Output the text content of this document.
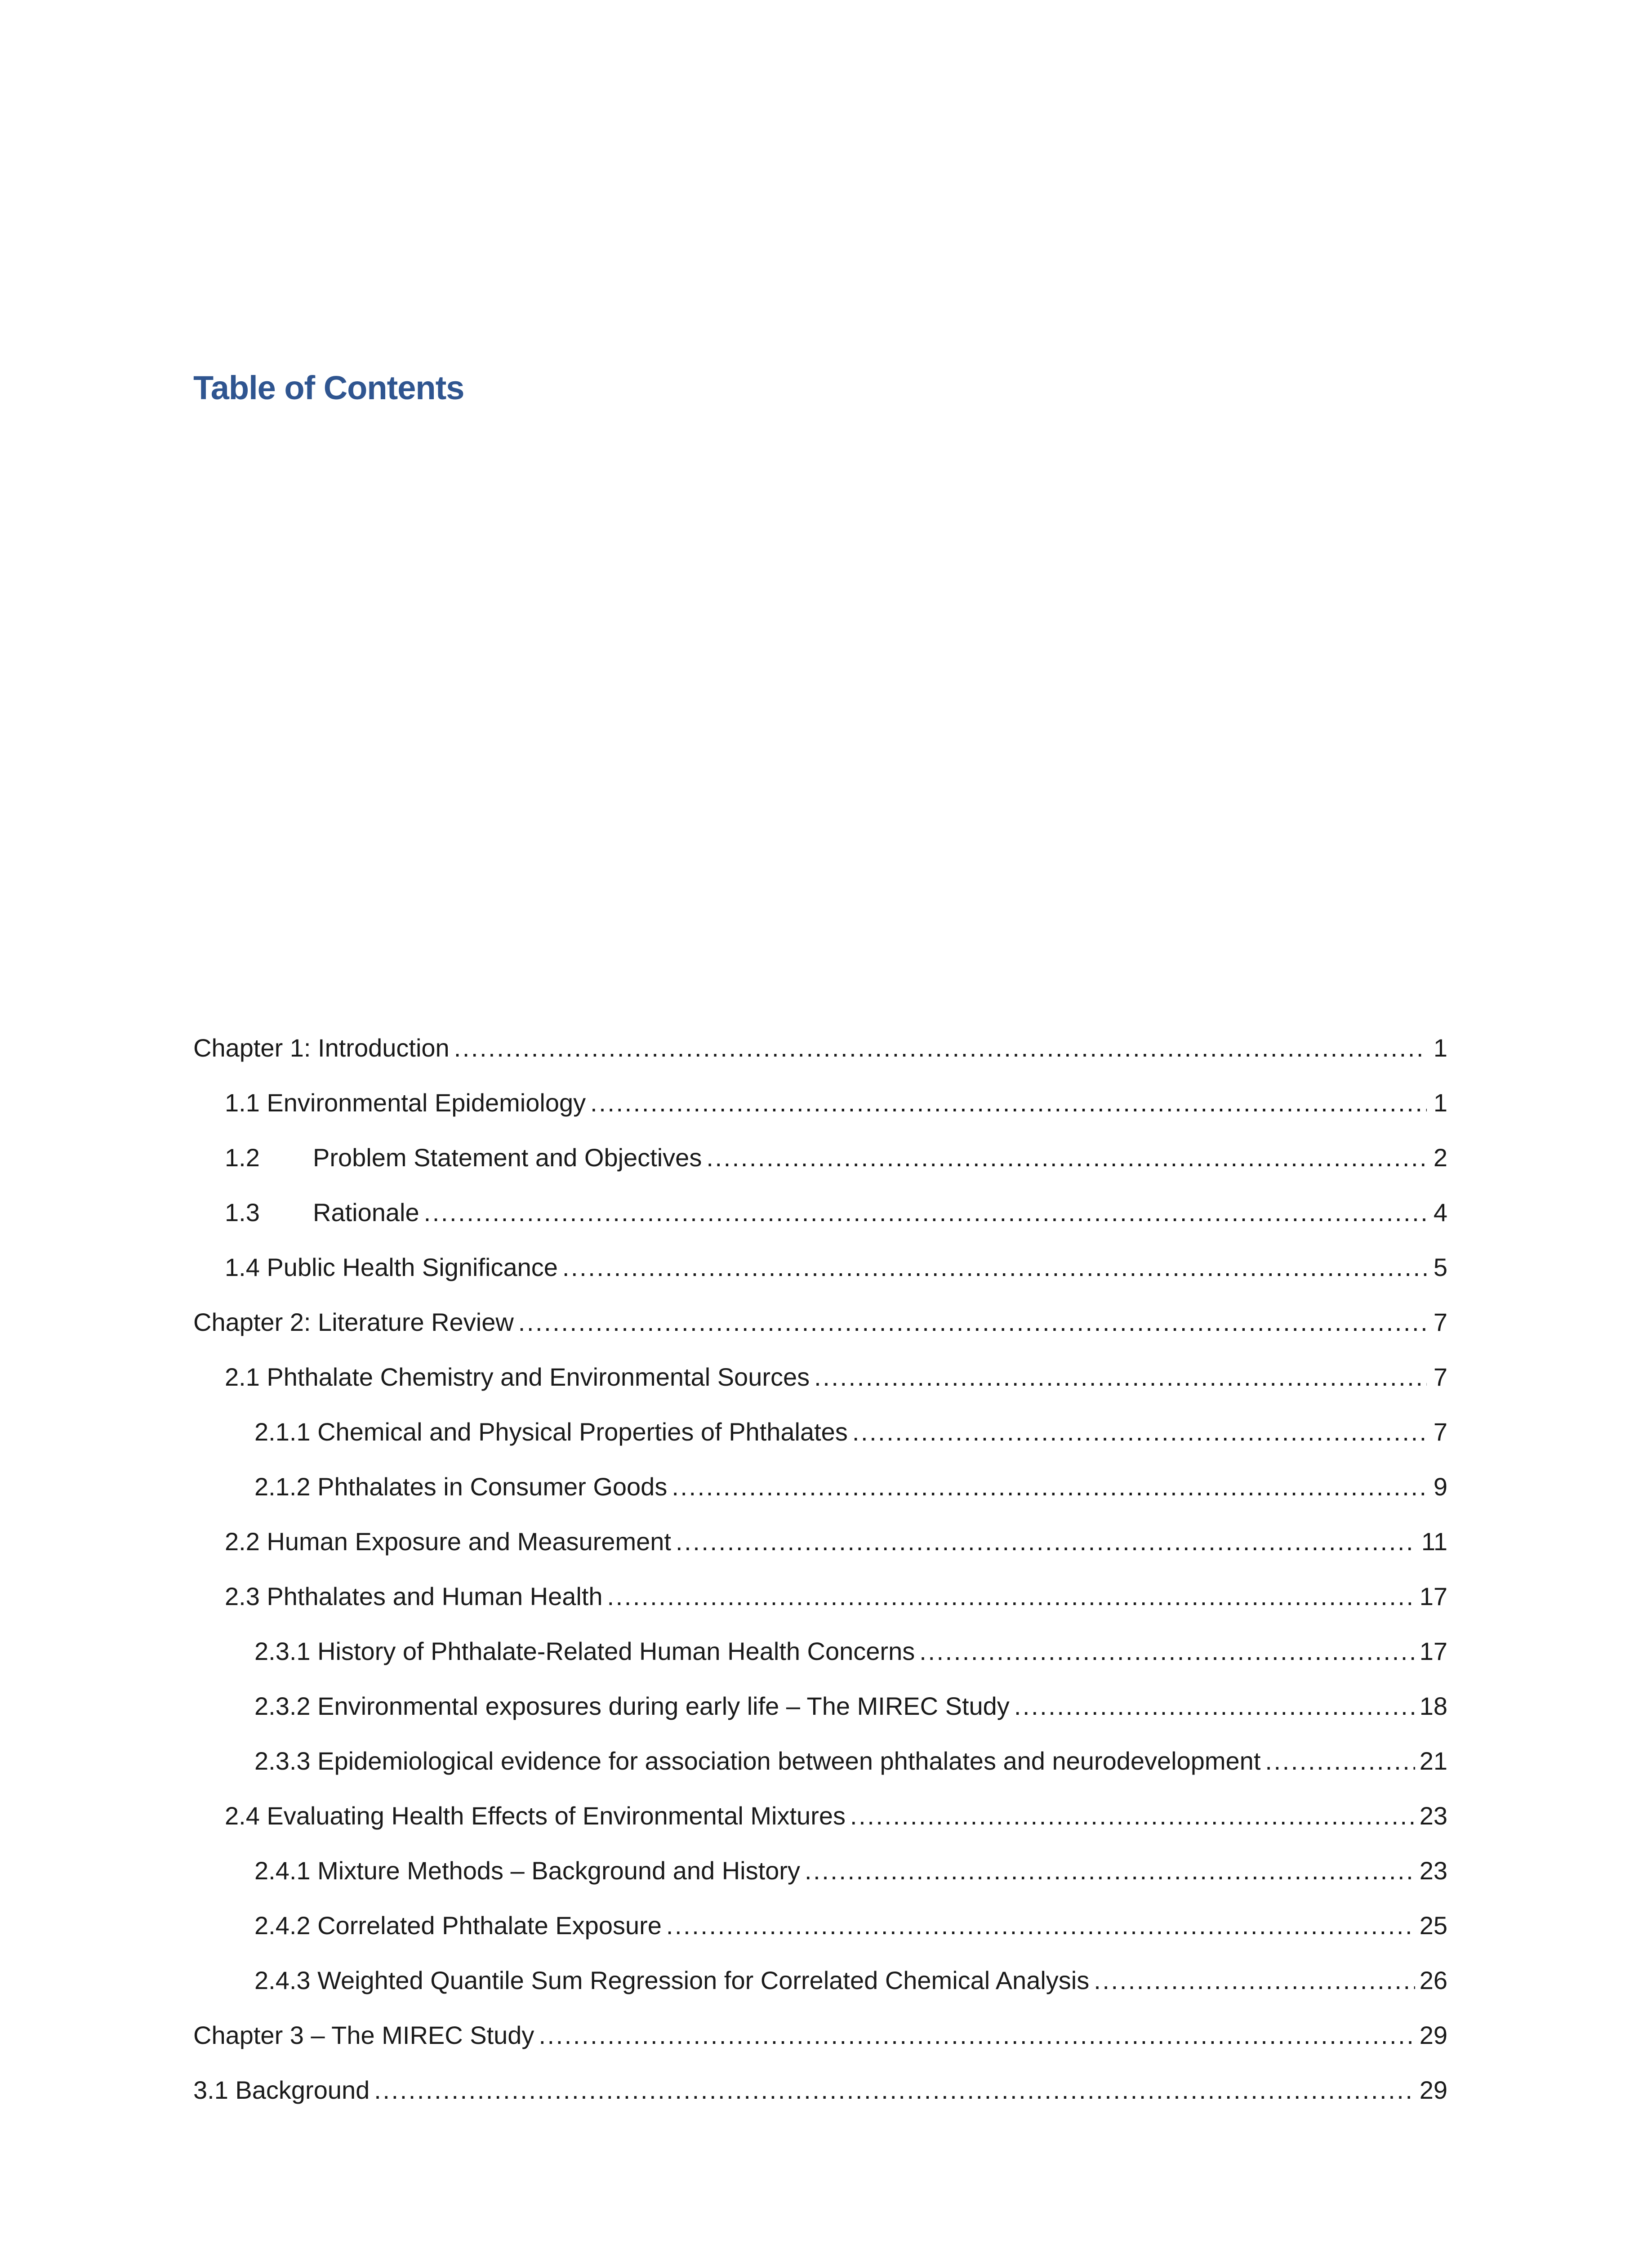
Table of Contents
Chapter 1: Introduction . . .	1
1.1 Environmental Epidemiology . . .	1
1.2	Problem Statement and Objectives . . .	2
1.3	Rationale . . .	4
1.4 Public Health Significance . . .	5
Chapter 2: Literature Review . . .	7
2.1 Phthalate Chemistry and Environmental Sources . . .	7
2.1.1 Chemical and Physical Properties of Phthalates . . .	7
2.1.2 Phthalates in Consumer Goods . . .	9
2.2 Human Exposure and Measurement . . .	11
2.3 Phthalates and Human Health . . .	17
2.3.1 History of Phthalate-Related Human Health Concerns . . .	17
2.3.2 Environmental exposures during early life – The MIREC Study . . .	18
2.3.3 Epidemiological evidence for association between phthalates and neurodevelopment . . .	21
2.4 Evaluating Health Effects of Environmental Mixtures . . .	23
2.4.1 Mixture Methods – Background and History . . .	23
2.4.2 Correlated Phthalate Exposure . . .	25
2.4.3 Weighted Quantile Sum Regression for Correlated Chemical Analysis . . .	26
Chapter 3 – The MIREC Study . . .	29
3.1 Background . . .	29
